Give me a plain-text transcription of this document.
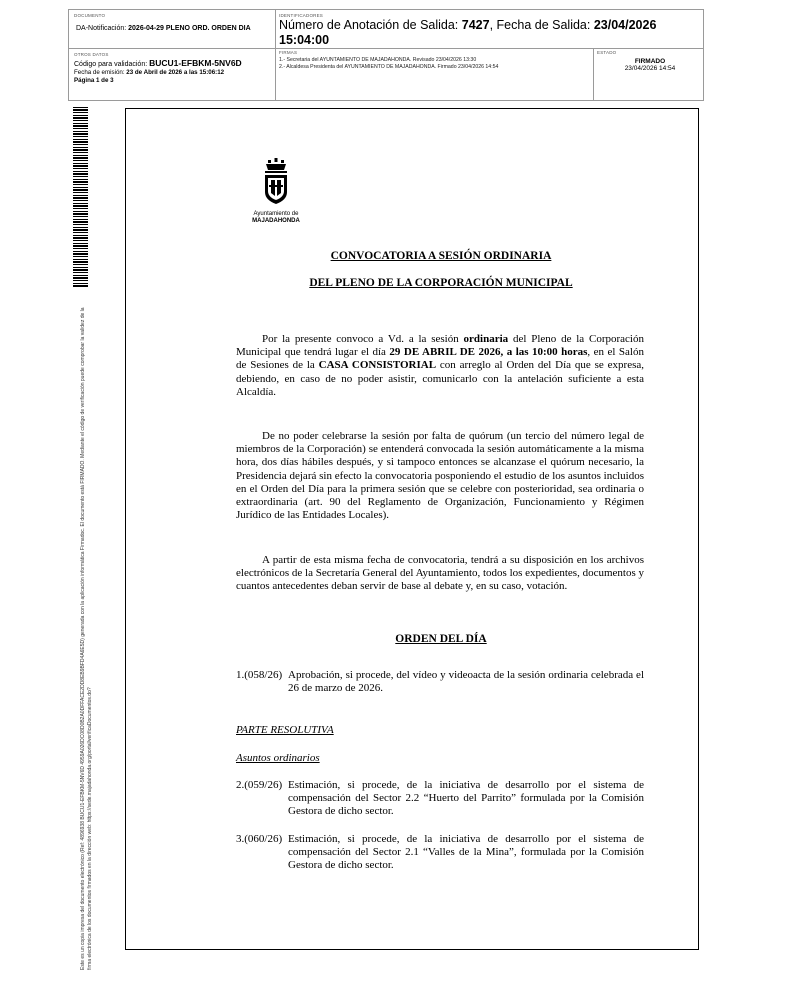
DOCUMENTO
DA-Notificación: 2026-04-29 PLENO ORD. ORDEN DIA
IDENTIFICADORES
Número de Anotación de Salida: 7427, Fecha de Salida: 23/04/2026 15:04:00
OTROS DATOS
Código para validación: BUCU1-EFBKM-5NV6D
Fecha de emisión: 23 de Abril de 2026 a las 15:06:12
Página 1 de 3
FIRMAS
1.- Secretaria del AYUNTAMIENTO DE MAJADAHONDA. Revisado 23/04/2026 13:30
2.- Alcaldesa Presidenta del AYUNTAMIENTO DE MAJADAHONDA. Firmado 23/04/2026 14:54
ESTADO
FIRMADO
23/04/2026 14:54
Este es un copia impresa del documento electrónico (Ref: 4896938 BUCU1-EFBKM-5NV6D 4959A026DC08D0B2A0DFFACE2DD8EB9BFD4A6E5D) generada con la aplicación informática Firmadoc. El documento está FIRMADO. Mediante el código de verificación puede comprobar la validez de la firma electrónica de los documentos firmados en la dirección web: https://sede.majadahonda.org/portal/verificaDocumentos.do?
Ayuntamiento de
MAJADAHONDA
CONVOCATORIA A SESIÓN ORDINARIA
DEL PLENO DE LA CORPORACIÓN MUNICIPAL
Por la presente convoco a Vd. a la sesión ordinaria del Pleno de la Corporación Municipal que tendrá lugar el día 29 DE ABRIL DE 2026, a las 10:00 horas, en el Salón de Sesiones de la CASA CONSISTORIAL con arreglo al Orden del Día que se expresa, debiendo, en caso de no poder asistir, comunicarlo con la antelación suficiente a esta Alcaldía.
De no poder celebrarse la sesión por falta de quórum (un tercio del número legal de miembros de la Corporación) se entenderá convocada la sesión automáticamente a la misma hora, dos días hábiles después, y si tampoco entonces se alcanzase el quórum necesario, la Presidencia dejará sin efecto la convocatoria posponiendo el estudio de los asuntos incluidos en el Orden del Día para la primera sesión que se celebre con posterioridad, sea ordinaria o extraordinaria (art. 90 del Reglamento de Organización, Funcionamiento y Régimen Jurídico de las Entidades Locales).
A partir de esta misma fecha de convocatoria, tendrá a su disposición en los archivos electrónicos de la Secretaría General del Ayuntamiento, todos los expedientes, documentos y cuantos antecedentes deban servir de base al debate y, en su caso, votación.
ORDEN DEL DÍA
1.(058/26) Aprobación, si procede, del vídeo y videoacta de la sesión ordinaria celebrada el 26 de marzo de 2026.
PARTE RESOLUTIVA
Asuntos ordinarios
2.(059/26) Estimación, si procede, de la iniciativa de desarrollo por el sistema de compensación del Sector 2.2 “Huerto del Parrito” formulada por la Comisión Gestora de dicho sector.
3.(060/26) Estimación, si procede, de la iniciativa de desarrollo por el sistema de compensación del Sector 2.1 “Valles de la Mina”, formulada por la Comisión Gestora de dicho sector.
